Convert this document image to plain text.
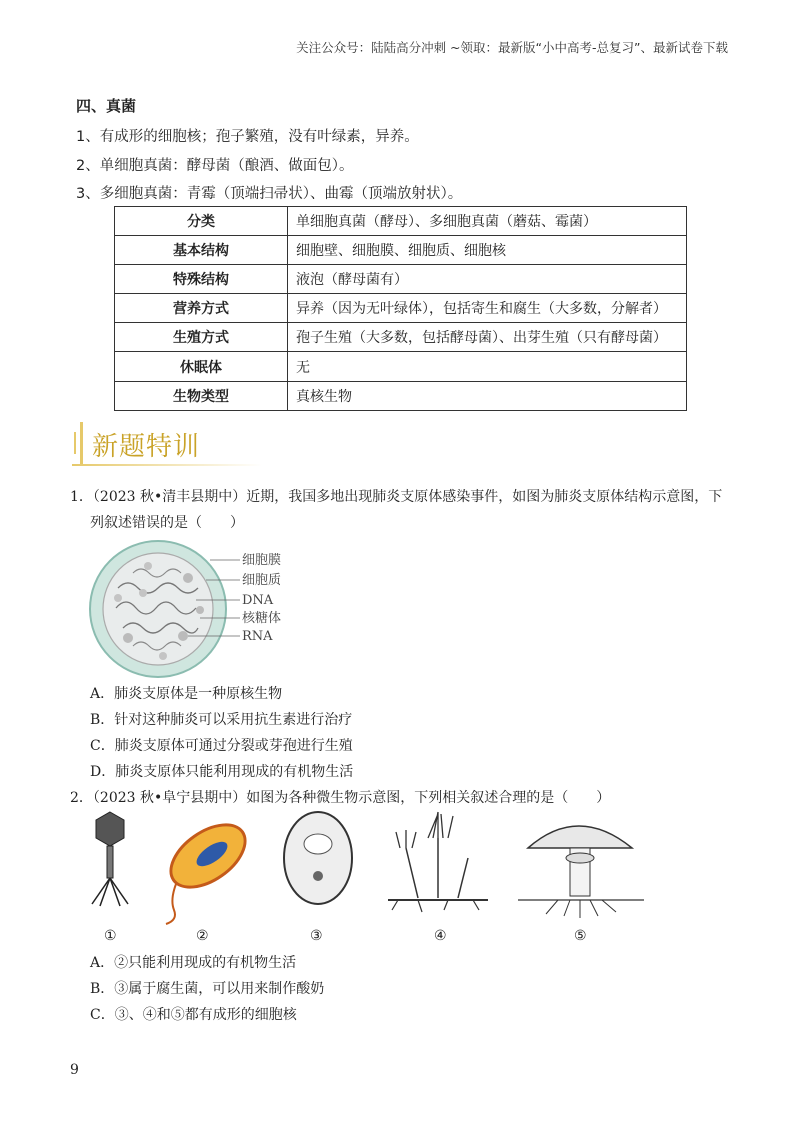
关注公众号：陆陆高分冲刺 ~领取：最新版“小中高考-总复习”、最新试卷下载
四、真菌
1、有成形的细胞核；孢子繁殖，没有叶绿素，异养。
2、单细胞真菌：酵母菌（酿酒、做面包）。
3、多细胞真菌：青霉（顶端扫帚状）、曲霉（顶端放射状）。
分类	单细胞真菌（酵母）、多细胞真菌（蘑菇、霉菌）
基本结构	细胞壁、细胞膜、细胞质、细胞核
特殊结构	液泡（酵母菌有）
营养方式	异养（因为无叶绿体），包括寄生和腐生（大多数，分解者）
生殖方式	孢子生殖（大多数，包括酵母菌）、出芽生殖（只有酵母菌）
休眠体	无
生物类型	真核生物
新题特训
1．（2023 秋•清丰县期中）近期，我国多地出现肺炎支原体感染事件，如图为肺炎支原体结构示意图，下
列叙述错误的是（　　）
细胞膜
细胞质
DNA
核糖体
RNA
A．肺炎支原体是一种原核生物
B．针对这种肺炎可以采用抗生素进行治疗
C．肺炎支原体可通过分裂或芽孢进行生殖
D．肺炎支原体只能利用现成的有机物生活
2．（2023 秋•阜宁县期中）如图为各种微生物示意图，下列相关叙述合理的是（　　）
①	②	③	④	⑤
A．②只能利用现成的有机物生活
B．③属于腐生菌，可以用来制作酸奶
C．③、④和⑤都有成形的细胞核
9
